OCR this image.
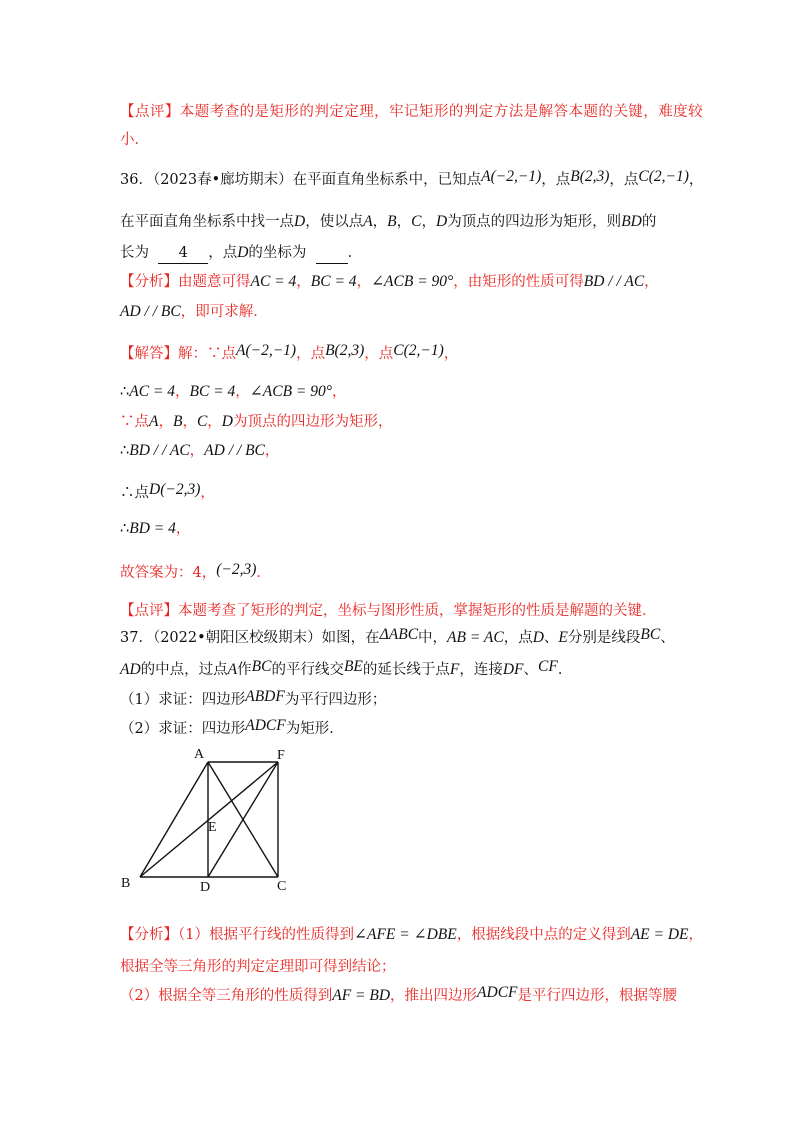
【点评】本题考查的是矩形的判定定理，牢记矩形的判定方法是解答本题的关键，难度较
小．
36．（2023春•廊坊期末）在平面直角坐标系中，已知点A(−2,−1)，点B(2,3)，点C(2,−1)，
在平面直角坐标系中找一点D，使以点A，B，C，D为顶点的四边形为矩形，则BD的
长为 4 ，点D的坐标为	．
【分析】由题意可得AC = 4，BC = 4，∠ACB = 90°，由矩形的性质可得BD / / AC，
AD / / BC，即可求解．
【解答】解：∵点A(−2,−1)，点B(2,3)，点C(2,−1)，
∴AC = 4，BC = 4，∠ACB = 90°，
∵点A，B，C，D为顶点的四边形为矩形，
∴BD / / AC，AD / / BC，
∴点D(−2,3)，
∴BD = 4，
故答案为：4，(−2,3)．
【点评】本题考查了矩形的判定，坐标与图形性质，掌握矩形的性质是解题的关键．
37．（2022•朝阳区校级期末）如图，在ΔABC中，AB = AC，点D、E分别是线段BC、
AD的中点，过点A作BC的平行线交BE的延长线于点F，连接DF、CF．
（1）求证：四边形ABDF为平行四边形；
（2）求证：四边形ADCF为矩形．
A	F
E
B	D	C
【分析】（1）根据平行线的性质得到∠AFE = ∠DBE，根据线段中点的定义得到AE = DE，
根据全等三角形的判定定理即可得到结论；
（2）根据全等三角形的性质得到AF = BD，推出四边形ADCF是平行四边形，根据等腰
